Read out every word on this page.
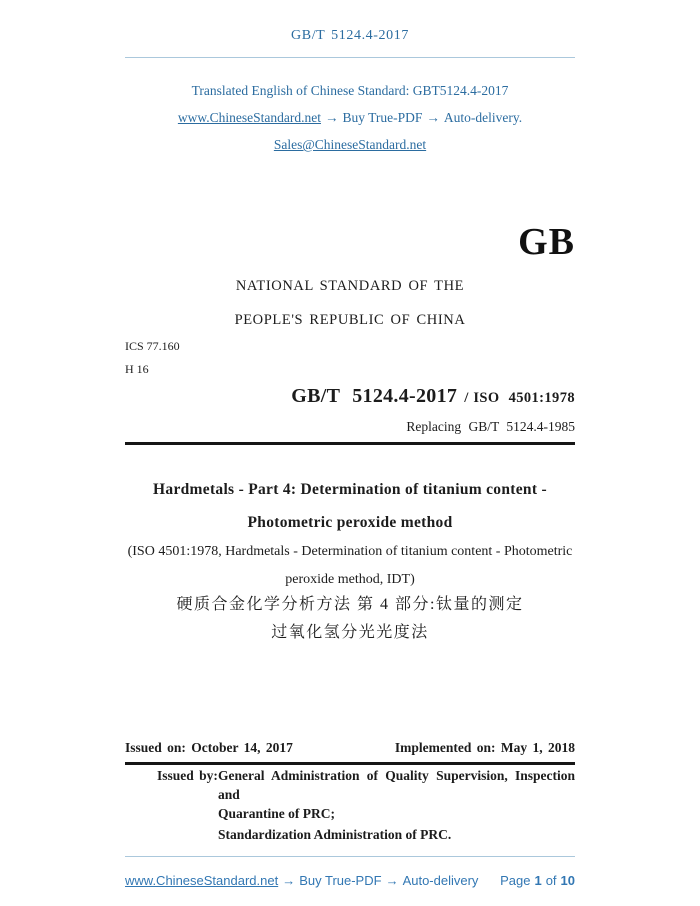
GB/T 5124.4-2017
Translated English of Chinese Standard: GBT5124.4-2017
www.ChineseStandard.net → Buy True-PDF → Auto-delivery.
Sales@ChineseStandard.net
GB
NATIONAL STANDARD OF THE
PEOPLE'S REPUBLIC OF CHINA
ICS 77.160
H 16
GB/T 5124.4-2017 / ISO 4501:1978
Replacing GB/T 5124.4-1985
Hardmetals - Part 4: Determination of titanium content -
Photometric peroxide method
(ISO 4501:1978, Hardmetals - Determination of titanium content - Photometric
peroxide method, IDT)
硬质合金化学分析方法 第 4 部分:钛量的测定
过氧化氢分光光度法
Issued on: October 14, 2017	Implemented on: May 1, 2018
Issued by: General Administration of Quality Supervision, Inspection and
Quarantine of PRC;
Standardization Administration of PRC.
www.ChineseStandard.net → Buy True-PDF → Auto-delivery	Page 1 of 10
